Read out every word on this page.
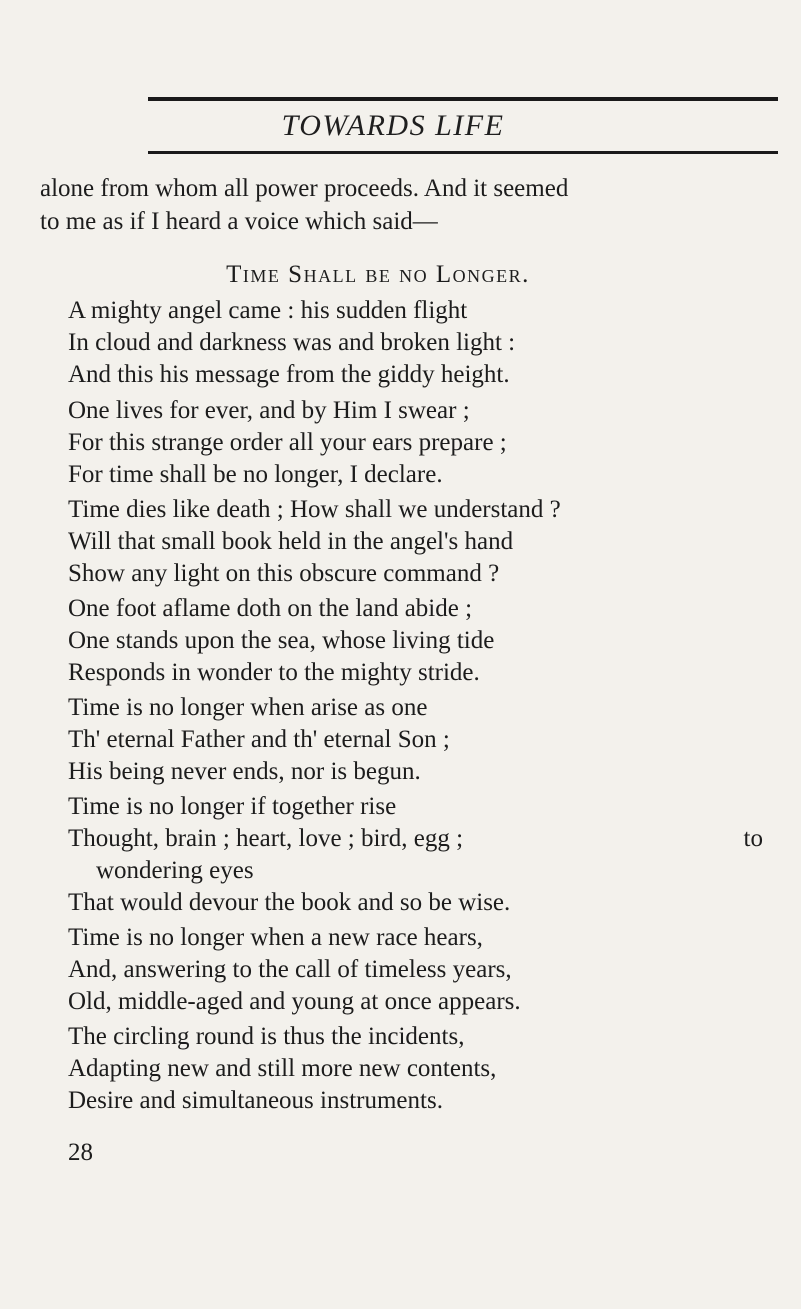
TOWARDS LIFE

alone from whom all power proceeds. And it seemed

to me as if I heard a voice which said—

Time Shall be no Longer.
A mighty angel came : his sudden flight
In cloud and darkness was and broken light :
And this his message from the giddy height.
One lives for ever, and by Him I swear ;
For this strange order all your ears prepare ;
For time shall be no longer, I declare.
Time dies like death ; How shall we understand ?
Will that small book held in the angel's hand
Show any light on this obscure command ?
One foot aflame doth on the land abide ;
One stands upon the sea, whose living tide
Responds in wonder to the mighty stride.
Time is no longer when arise as one
Th' eternal Father and th' eternal Son ;
His being never ends, nor is begun.
Time is no longer if together rise
Thought, brain ; heart, love ; bird, egg ;	to
wondering eyes
That would devour the book and so be wise.
Time is no longer when a new race hears,
And, answering to the call of timeless years,
Old, middle-aged and young at once appears.
The circling round is thus the incidents,
Adapting new and still more new contents,
Desire and simultaneous instruments.
28
